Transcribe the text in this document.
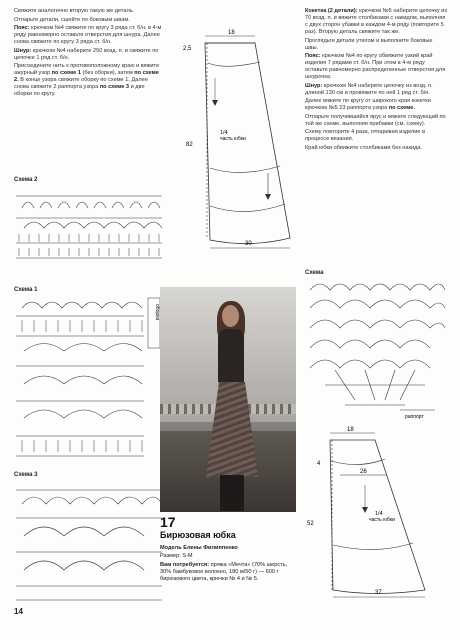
Свяжите аналогично вторую такую же деталь.

Отпарьте детали, сшейте по боковым швам.

Пояс: крючком №4 свяжите по кругу 3 ряда ст. б/н, в 4-м ряду равномерно оставьте отверстия для шнура. Далее снова свяжите по кругу 3 ряда ст. б/н.

Шнур: крючком №4 наберите 250 возд. п. и свяжите по цепочке 1 ряд ст. б/н.

Присоедините нить к противоположному краю и вяжите ажурный узор по схеме 1 (без оборки), затем по схеме 2. В конце узора свяжите оборку по схеме 1. Далее снова свяжите 2 раппорта узора по схеме 3 и две оборки по кругу.

18
2,5
82
1/4
часть юбки
30

Кокетка (2 детали): крючком №5 наберите цепочку из 70 возд. п. и вяжите столбиками с накидом, выполняя с двух сторон убавки в каждом 4-м ряду (повторите 5 раз). Вторую деталь свяжите так же.

Проглядьте детали утюгом и выполните боковые швы.

Пояс: крючком №4 по кругу обвяжите узкий край изделия 7 рядами ст. б/н. При этом в 4-м ряду оставьте равномерно распределенные отверстия для шнурочка.

Шнур: крючком №4 наберите цепочку из возд. п. длиной 130 см и провяжите по ней 1 ряд ст. б/н.

Далее вяжите по кругу от широкого края кокетки крючком №5 23 раппорта узора по схеме.

Отпарьте получившийся ярус и вяжите следующий по той же схеме, выполняя прибавки (см. схему).

Схему повторите 4 раза, отпаривая изделие в процессе вязания.

Край юбки обвяжите столбиками без накида.

Схема 2
Схема 1
оборка
Схема 3
Схема
раппорт
18
4
26
52
1/4
часть юбки
37
17
Бирюзовая юбка
Модель Елены Филиппенко
Размер: S-M
Вам потребуется: пряжа «Мечта» (70% шерсть, 30% бамбуковое волокно, 180 м/50 г) — 600 г бирюзового цвета, крючки № 4 и № 5.
14
